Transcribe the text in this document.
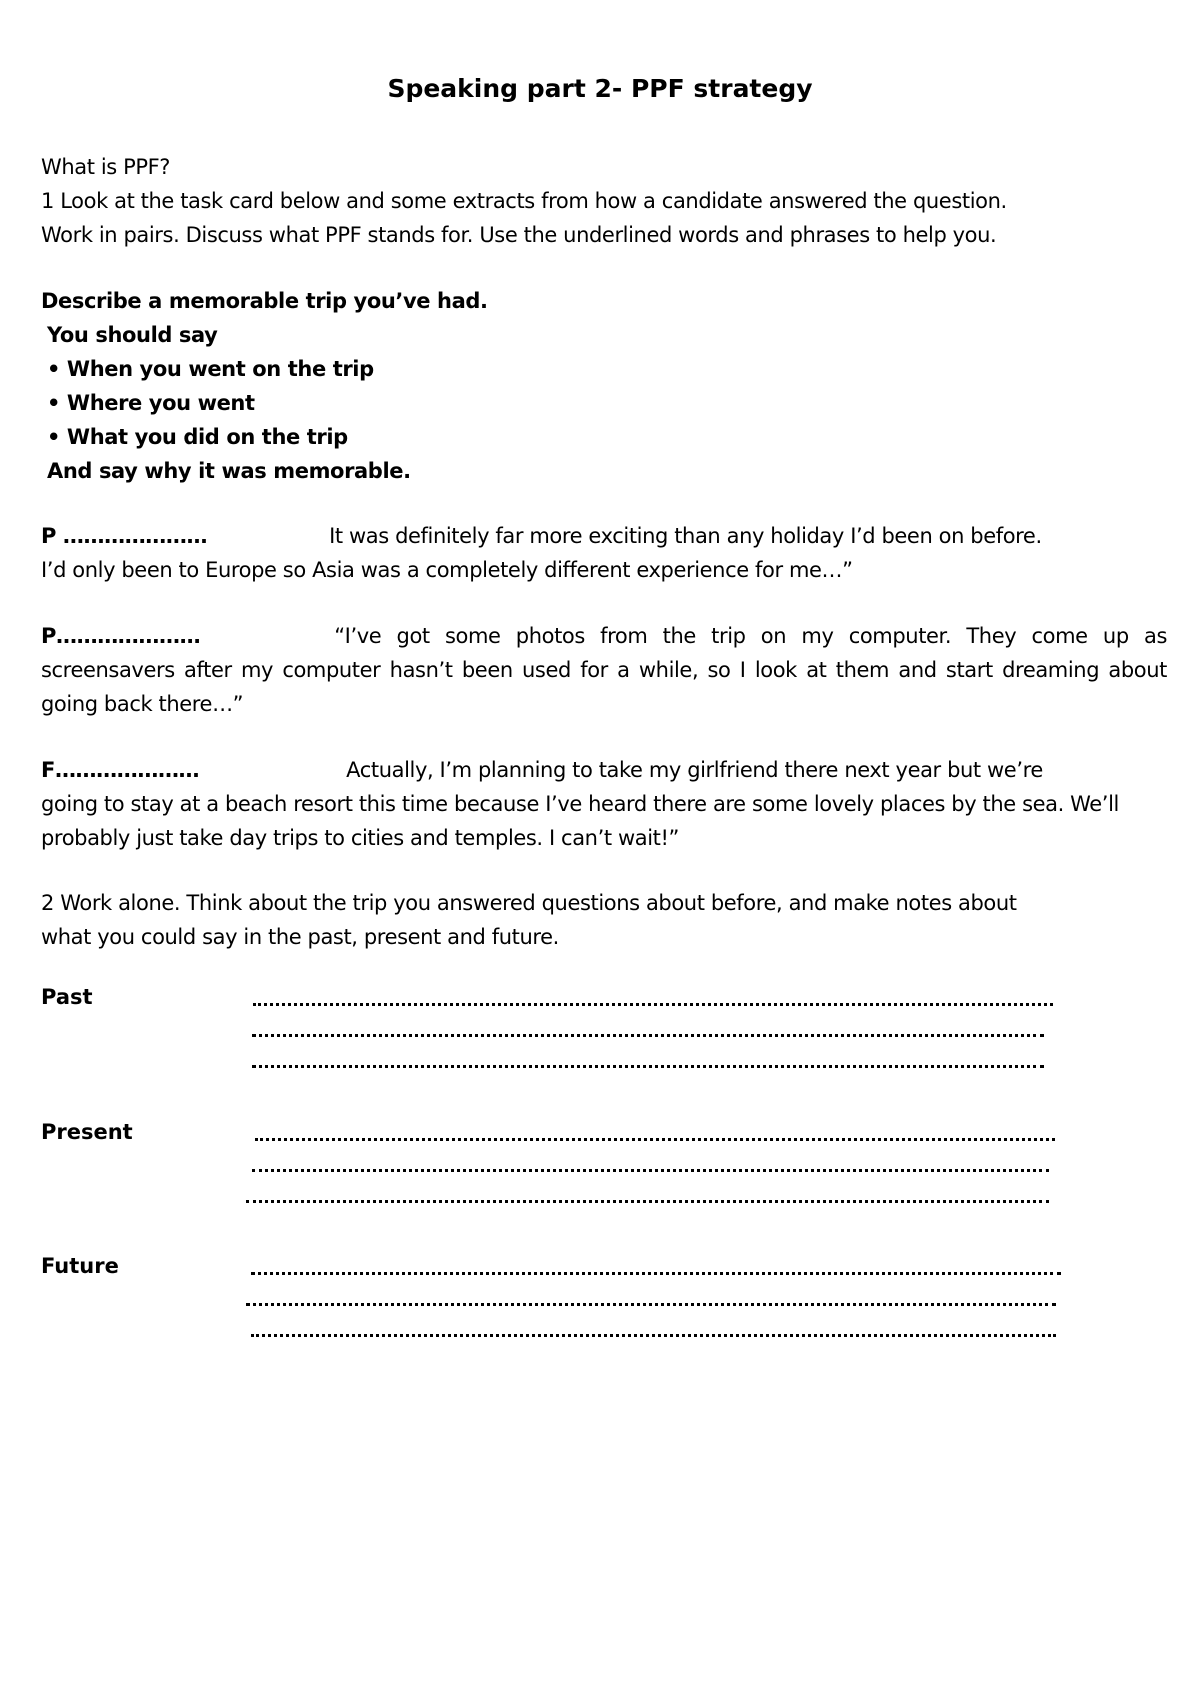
Speaking part 2- PPF strategy
What is PPF?
1 Look at the task card below and some extracts from how a candidate answered the question.
Work in pairs. Discuss what PPF stands for. Use the underlined words and phrases to help you.
Describe a memorable trip you’ve had.
You should say
• When you went on the trip
• Where you went
• What you did on the trip
And say why it was memorable.
P …………………	It was definitely far more exciting than any holiday I’d been on before.
I’d only been to Europe so Asia was a completely different experience for me…”
P…………………	“I’ve got some photos from the trip on my computer. They come up as
screensavers after my computer hasn’t been used for a while, so I look at them and start dreaming about going back there…”
F…………………	Actually, I’m planning to take my girlfriend there next year but we’re
going to stay at a beach resort this time because I’ve heard there are some lovely places by the sea. We’ll probably just take day trips to cities and temples. I can’t wait!”
2 Work alone. Think about the trip you answered questions about before, and make notes about
what you could say in the past, present and future.
Past
Present
Future
